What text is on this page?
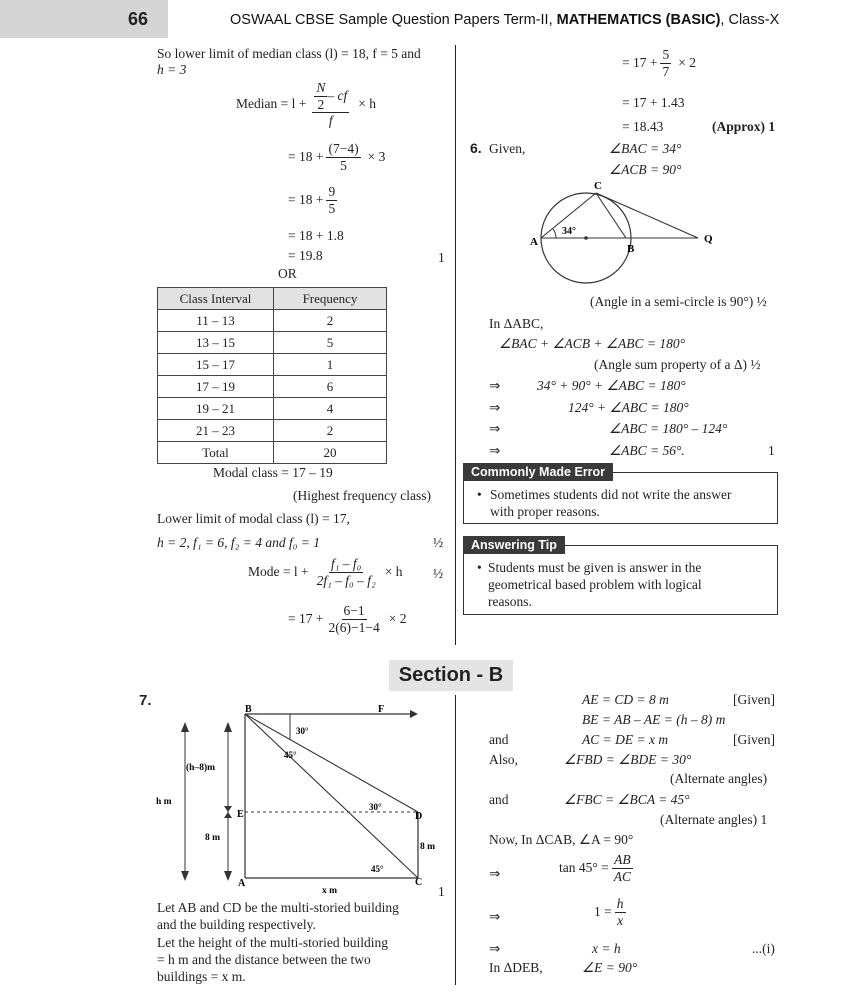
66	OSWAAL CBSE Sample Question Papers Term-II, MATHEMATICS (BASIC), Class-X
So lower limit of median class (l) = 18, f = 5 and
h = 3
Median = $l + \frac{\frac{N}{2} - cf}{f} \times h$
= $18 + \frac{(7-4)}{5} \times 3$
= $18 + \frac{9}{5}$
= 18 + 1.8
= 19.8	1
OR
Class Interval	Frequency
11 – 13	2
13 – 15	5
15 – 17	1
17 – 19	6
19 – 21	4
21 – 23	2
Total	20
Modal class = 17 – 19
(Highest frequency class)
Lower limit of modal class (l) = 17,
h = 2, f₁ = 6, f₂ = 4 and f₀ = 1	½
Mode = $l + \frac{\text{f₁ – f₀}}{\text{2f₁ – f₀ – f₂}} \times h$ ½
= $17 + \frac{6-1}{2(6)-1-4} \times 2$
= $17 + \frac{5}{7} \times 2$
= 17 + 1.43
= 18.43	(Approx) 1
6. Given,	∠BAC = 34°
∠ACB = 90°
34°
A
B
C
Q
(Angle in a semi-circle is 90°) ½
In ΔABC,
∠BAC + ∠ACB + ∠ABC = 180°
(Angle sum property of a Δ) ½
⇒	34° + 90° + ∠ABC = 180°
⇒	124° + ∠ABC = 180°
⇒	∠ABC = 180° – 124°
⇒	∠ABC = 56°.	1
Commonly Made Error
• Sometimes students did not write the answer
with proper reasons.
Answering Tip
• Students must be given is answer in the
geometrical based problem with logical
reasons.
Section - B
7.
B	F
E	D
A	C
30°
45°
30°
45°
(h–8)m
h m
8 m
8 m
x m	1
Let AB and CD be the multi-storied building
and the building respectively.
Let the height of the multi-storied building
= h m and the distance between the two
buildings = x m.
AE = CD = 8 m	[Given]
BE = AB – AE = (h – 8) m
and	AC = DE = x m	[Given]
Also,	∠FBD = ∠BDE = 30°
(Alternate angles)
and	∠FBC = ∠BCA = 45°
(Alternate angles) 1
Now, In ΔCAB, ∠A = 90°
⇒	$\tan 45^\circ = \frac{AB}{AC}$
⇒	$1 = \frac{h}{x}$
⇒	x = h	...(i)
In ΔDEB,	∠E = 90°
